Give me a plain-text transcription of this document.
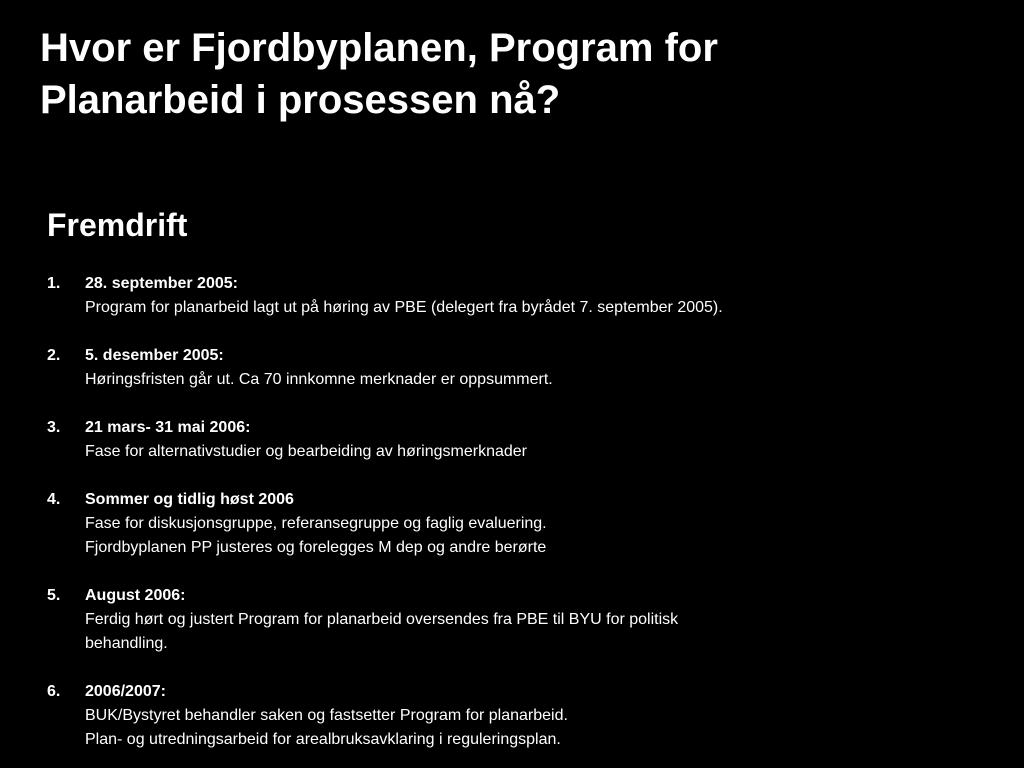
Hvor er Fjordbyplanen, Program for
Planarbeid i prosessen nå?
Fremdrift
1. 28. september 2005:
Program for planarbeid lagt ut på høring av PBE (delegert fra byrådet 7. september 2005).
2. 5. desember 2005:
Høringsfristen går ut. Ca 70 innkomne merknader er oppsummert.
3. 21 mars- 31 mai 2006:
Fase for alternativstudier og bearbeiding av høringsmerknader
4. Sommer og tidlig høst 2006
Fase for diskusjonsgruppe, referansegruppe og faglig evaluering.
Fjordbyplanen PP justeres og forelegges M dep og andre berørte
5. August 2006:
Ferdig hørt og justert Program for planarbeid oversendes fra PBE til BYU for politisk
behandling.
6. 2006/2007:
BUK/Bystyret behandler saken og fastsetter Program for planarbeid.
Plan- og utredningsarbeid for arealbruksavklaring i reguleringsplan.
